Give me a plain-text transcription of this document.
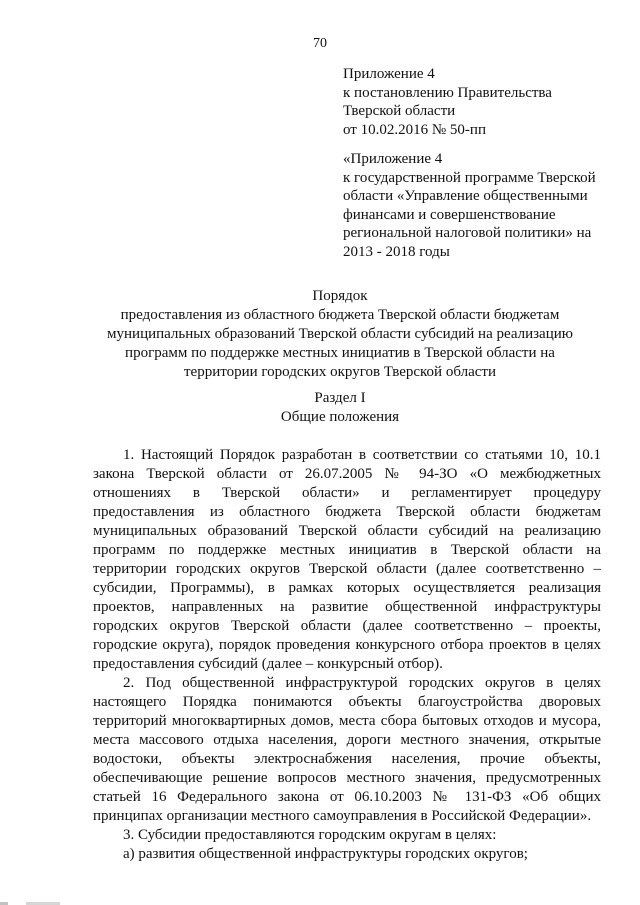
70
Приложение 4
к постановлению Правительства
Тверской области
от 10.02.2016 № 50-пп
«Приложение 4
к государственной программе Тверской
области «Управление общественными
финансами и совершенствование
региональной налоговой политики» на
2013 - 2018 годы
Порядок
предоставления из областного бюджета Тверской области бюджетам
муниципальных образований Тверской области субсидий на реализацию
программ по поддержке местных инициатив в Тверской области на
территории городских округов Тверской области
Раздел I
Общие положения
1. Настоящий Порядок разработан в соответствии со статьями 10, 10.1
закона Тверской области от 26.07.2005 № 94-ЗО «О межбюджетных
отношениях в Тверской области» и регламентирует процедуру
предоставления из областного бюджета Тверской области бюджетам
муниципальных образований Тверской области субсидий на реализацию
программ по поддержке местных инициатив в Тверской области на
территории городских округов Тверской области (далее соответственно –
субсидии, Программы), в рамках которых осуществляется реализация
проектов, направленных на развитие общественной инфраструктуры
городских округов Тверской области (далее соответственно – проекты,
городские округа), порядок проведения конкурсного отбора проектов в целях
предоставления субсидий (далее – конкурсный отбор).
2. Под общественной инфраструктурой городских округов в целях
настоящего Порядка понимаются объекты благоустройства дворовых
территорий многоквартирных домов, места сбора бытовых отходов и мусора,
места массового отдыха населения, дороги местного значения, открытые
водостоки, объекты электроснабжения населения, прочие объекты,
обеспечивающие решение вопросов местного значения, предусмотренных
статьей 16 Федерального закона от 06.10.2003 № 131-ФЗ «Об общих
принципах организации местного самоуправления в Российской Федерации».
3. Субсидии предоставляются городским округам в целях:
а) развития общественной инфраструктуры городских округов;
